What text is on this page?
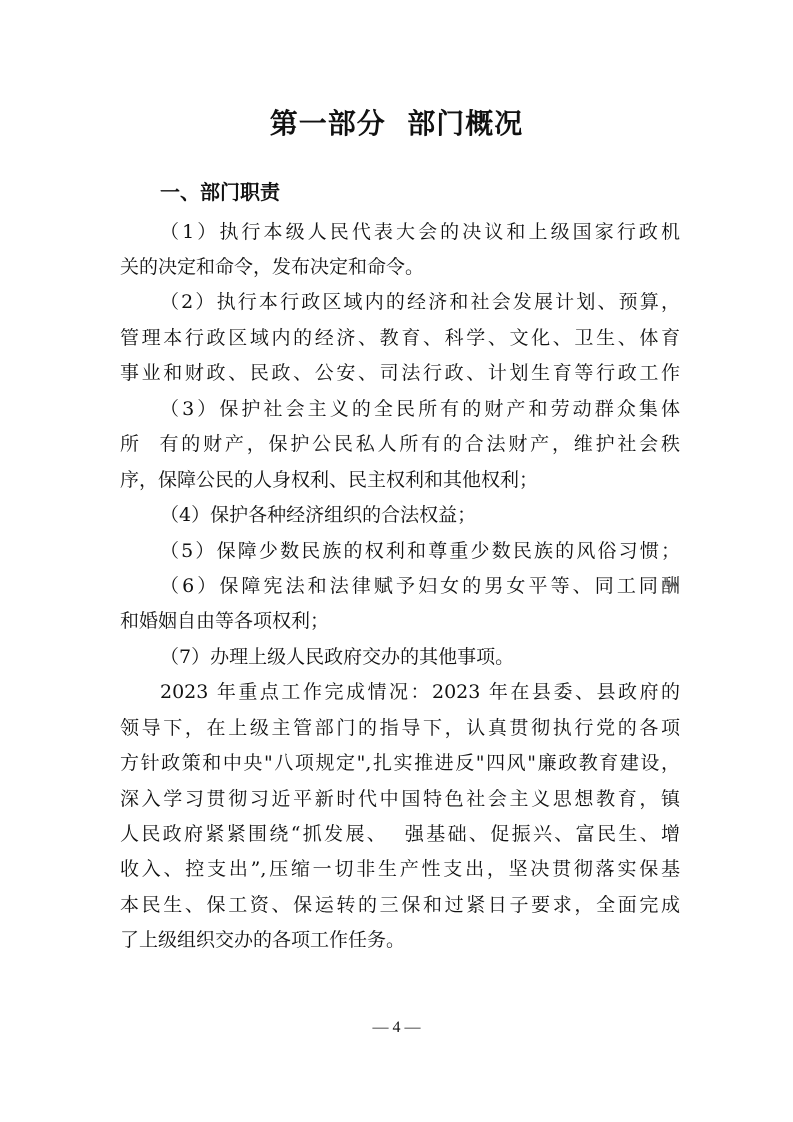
第一部分  部门概况
一、部门职责
（1）执行本级人民代表大会的决议和上级国家行政机
关的决定和命令，发布决定和命令。
（2）执行本行政区域内的经济和社会发展计划、预算，
管理本行政区域内的经济、教育、科学、文化、卫生、体育
事业和财政、民政、公安、司法行政、计划生育等行政工作
（3）保护社会主义的全民所有的财产和劳动群众集体
所  有的财产，保护公民私人所有的合法财产，维护社会秩
序，保障公民的人身权利、民主权利和其他权利；
（4）保护各种经济组织的合法权益；
（5）保障少数民族的权利和尊重少数民族的风俗习惯；
（6）保障宪法和法律赋予妇女的男女平等、同工同酬
和婚姻自由等各项权利；
（7）办理上级人民政府交办的其他事项。
2023 年重点工作完成情况：2023 年在县委、县政府的
领导下，在上级主管部门的指导下，认真贯彻执行党的各项
方针政策和中央"八项规定",扎实推进反"四风"廉政教育建设，
深入学习贯彻习近平新时代中国特色社会主义思想教育，镇
人民政府紧紧围绕“抓发展、  强基础、促振兴、富民生、增
收入、控支出”,压缩一切非生产性支出，坚决贯彻落实保基
本民生、保工资、保运转的三保和过紧日子要求，全面完成
了上级组织交办的各项工作任务。
— 4 —
